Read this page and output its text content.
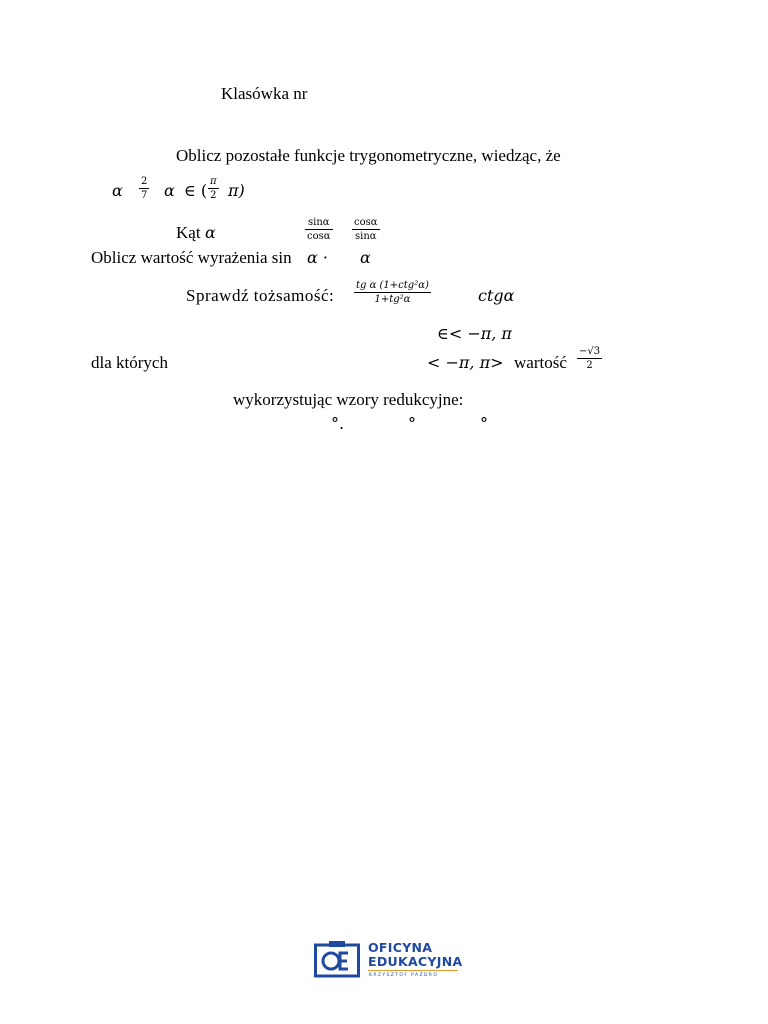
Klasówka nr
Oblicz pozostałe funkcje trygonometryczne, wiedząc, że
α 2
7 α ∈ ( π
2 π)
Kąt α
sinα
cosα
cosα
sinα
Oblicz wartość wyrażenia sin α · α
Sprawdź tożsamość:
tg α (1+ctg²α)
1+tg²α	ctgα
∈< −π, π
dla których	< −π, π> wartość
−√3
2
wykorzystując wzory redukcyjne:
°.	°	°
OFICYNA
EDUKACYJNA
KRZYSZTOF PAZDRO
